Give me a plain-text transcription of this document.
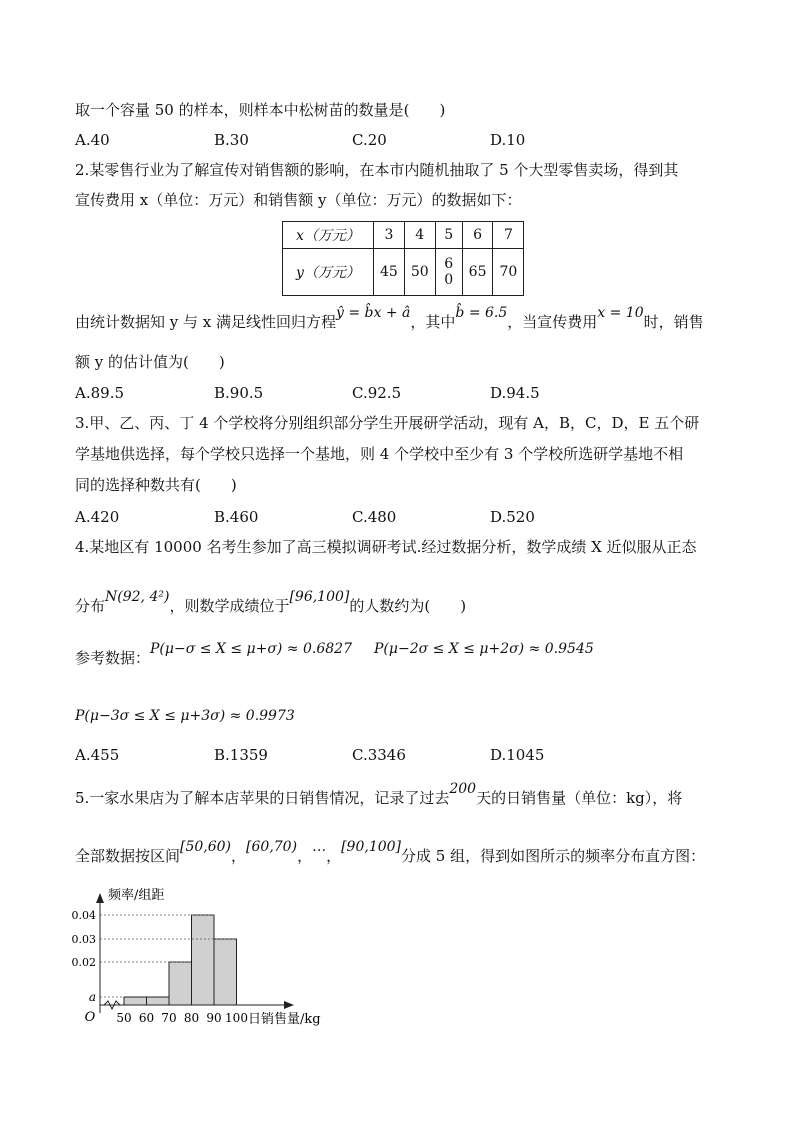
取一个容量 50 的样本，则样本中松树苗的数量是(　　)
A.40	B.30	C.20	D.10
2.某零售行业为了解宣传对销售额的影响，在本市内随机抽取了 5 个大型零售卖场，得到其
宣传费用 x（单位：万元）和销售额 y（单位：万元）的数据如下：
x（万元）	3	4	5	6	7
y（万元）	45	50	60	65	70
由统计数据知 y 与 x 满足线性回归方程ŷ = b̂x + â，其中b̂ = 6.5，当宣传费用x = 10时，销售
额 y 的估计值为(　　)
A.89.5	B.90.5	C.92.5	D.94.5
3.甲、乙、丙、丁 4 个学校将分别组织部分学生开展研学活动，现有 A，B，C，D，E 五个研
学基地供选择，每个学校只选择一个基地，则 4 个学校中至少有 3 个学校所选研学基地不相
同的选择种数共有(　　)
A.420	B.460	C.480	D.520
4.某地区有 10000 名考生参加了高三模拟调研考试.经过数据分析，数学成绩 X 近似服从正态
分布N(92, 4²)，则数学成绩位于[96,100]的人数约为(　　)
参考数据：P(μ−σ ≤ X ≤ μ+σ) ≈ 0.6827 P(μ−2σ ≤ X ≤ μ+2σ) ≈ 0.9545
P(μ−3σ ≤ X ≤ μ+3σ) ≈ 0.9973
A.455	B.1359	C.3346	D.1045
5.一家水果店为了解本店苹果的日销售情况，记录了过去200天的日销售量（单位：kg），将
全部数据按区间[50,60)，[60,70)，…，[90,100]分成 5 组，得到如图所示的频率分布直方图：
0.04
0.03
0.02
a
50 60 70 80 90 100
O
频率/组距
日销售量/kg
